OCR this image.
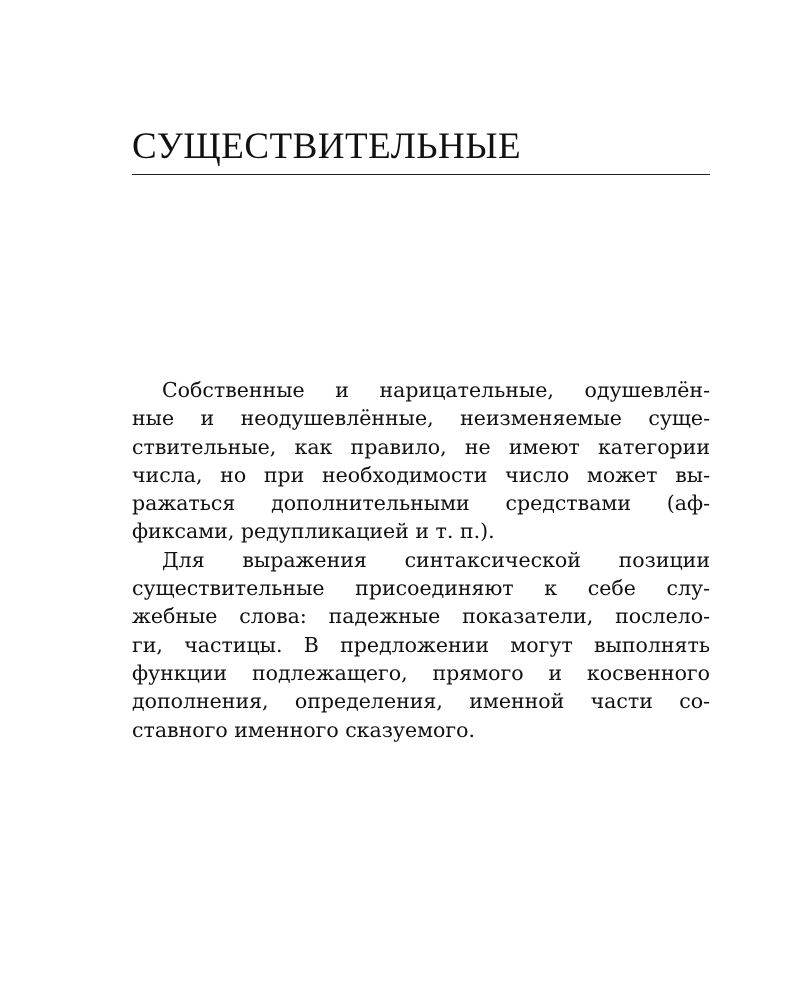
СУЩЕСТВИТЕЛЬНЫЕ
Собственные и нарицательные, одушевлён-
ные и неодушевлённые, неизменяемые суще-
ствительные, как правило, не имеют категории
числа, но при необходимости число может вы-
ражаться дополнительными средствами (аф-
фиксами, редупликацией и т. п.).
Для выражения синтаксической позиции
существительные присоединяют к себе слу-
жебные слова: падежные показатели, послело-
ги, частицы. В предложении могут выполнять
функции подлежащего, прямого и косвенного
дополнения, определения, именной части со-
ставного именного сказуемого.
